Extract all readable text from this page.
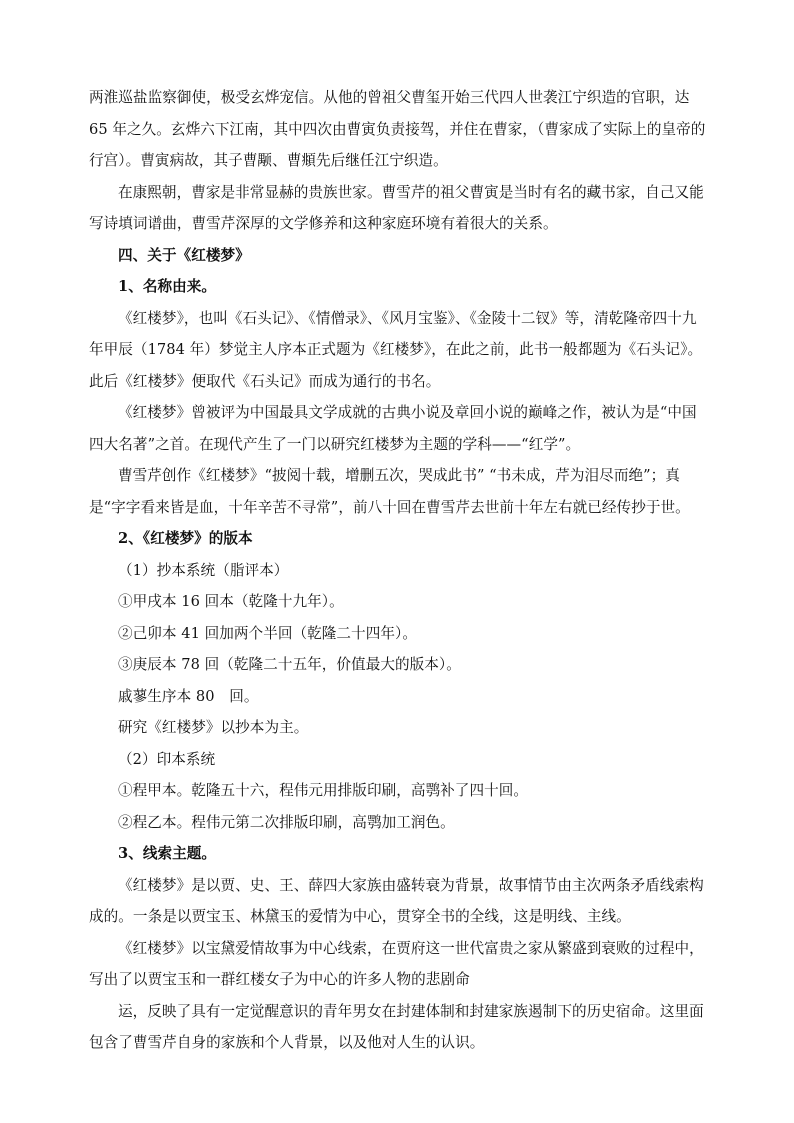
两淮巡盐监察御使，极受玄烨宠信。从他的曾祖父曹玺开始三代四人世袭江宁织造的官职，达 65 年之久。玄烨六下江南，其中四次由曹寅负责接驾，并住在曹家，（曹家成了实际上的皇帝的行宫）。曹寅病故，其子曹颙、曹頫先后继任江宁织造。

在康熙朝，曹家是非常显赫的贵族世家。曹雪芹的祖父曹寅是当时有名的藏书家，自己又能写诗填词谱曲，曹雪芹深厚的文学修养和这种家庭环境有着很大的关系。

四、关于《红楼梦》

1、名称由来。

《红楼梦》，也叫《石头记》、《情僧录》、《风月宝鉴》、《金陵十二钗》等，清乾隆帝四十九年甲辰（1784 年）梦觉主人序本正式题为《红楼梦》，在此之前，此书一般都题为《石头记》。此后《红楼梦》便取代《石头记》而成为通行的书名。

《红楼梦》曾被评为中国最具文学成就的古典小说及章回小说的巅峰之作，被认为是“中国四大名著”之首。在现代产生了一门以研究红楼梦为主题的学科——“红学”。

曹雪芹创作《红楼梦》“披阅十载，增删五次，哭成此书” “书未成，芹为泪尽而绝”；真是“字字看来皆是血，十年辛苦不寻常”，前八十回在曹雪芹去世前十年左右就已经传抄于世。

2、《红楼梦》的版本

（1）抄本系统（脂评本）

①甲戌本 16 回本（乾隆十九年）。

②己卯本 41 回加两个半回（乾隆二十四年）。

③庚辰本 78 回（乾隆二十五年，价值最大的版本）。

戚蓼生序本 80　回。

研究《红楼梦》以抄本为主。

（2）印本系统

①程甲本。乾隆五十六，程伟元用排版印刷，高鹗补了四十回。

②程乙本。程伟元第二次排版印刷，高鹗加工润色。

3、线索主题。

《红楼梦》是以贾、史、王、薛四大家族由盛转衰为背景，故事情节由主次两条矛盾线索构成的。一条是以贾宝玉、林黛玉的爱情为中心，贯穿全书的全线，这是明线、主线。

《红楼梦》以宝黛爱情故事为中心线索，在贾府这一世代富贵之家从繁盛到衰败的过程中，写出了以贾宝玉和一群红楼女子为中心的许多人物的悲剧命

运，反映了具有一定觉醒意识的青年男女在封建体制和封建家族遏制下的历史宿命。这里面包含了曹雪芹自身的家族和个人背景，以及他对人生的认识。
